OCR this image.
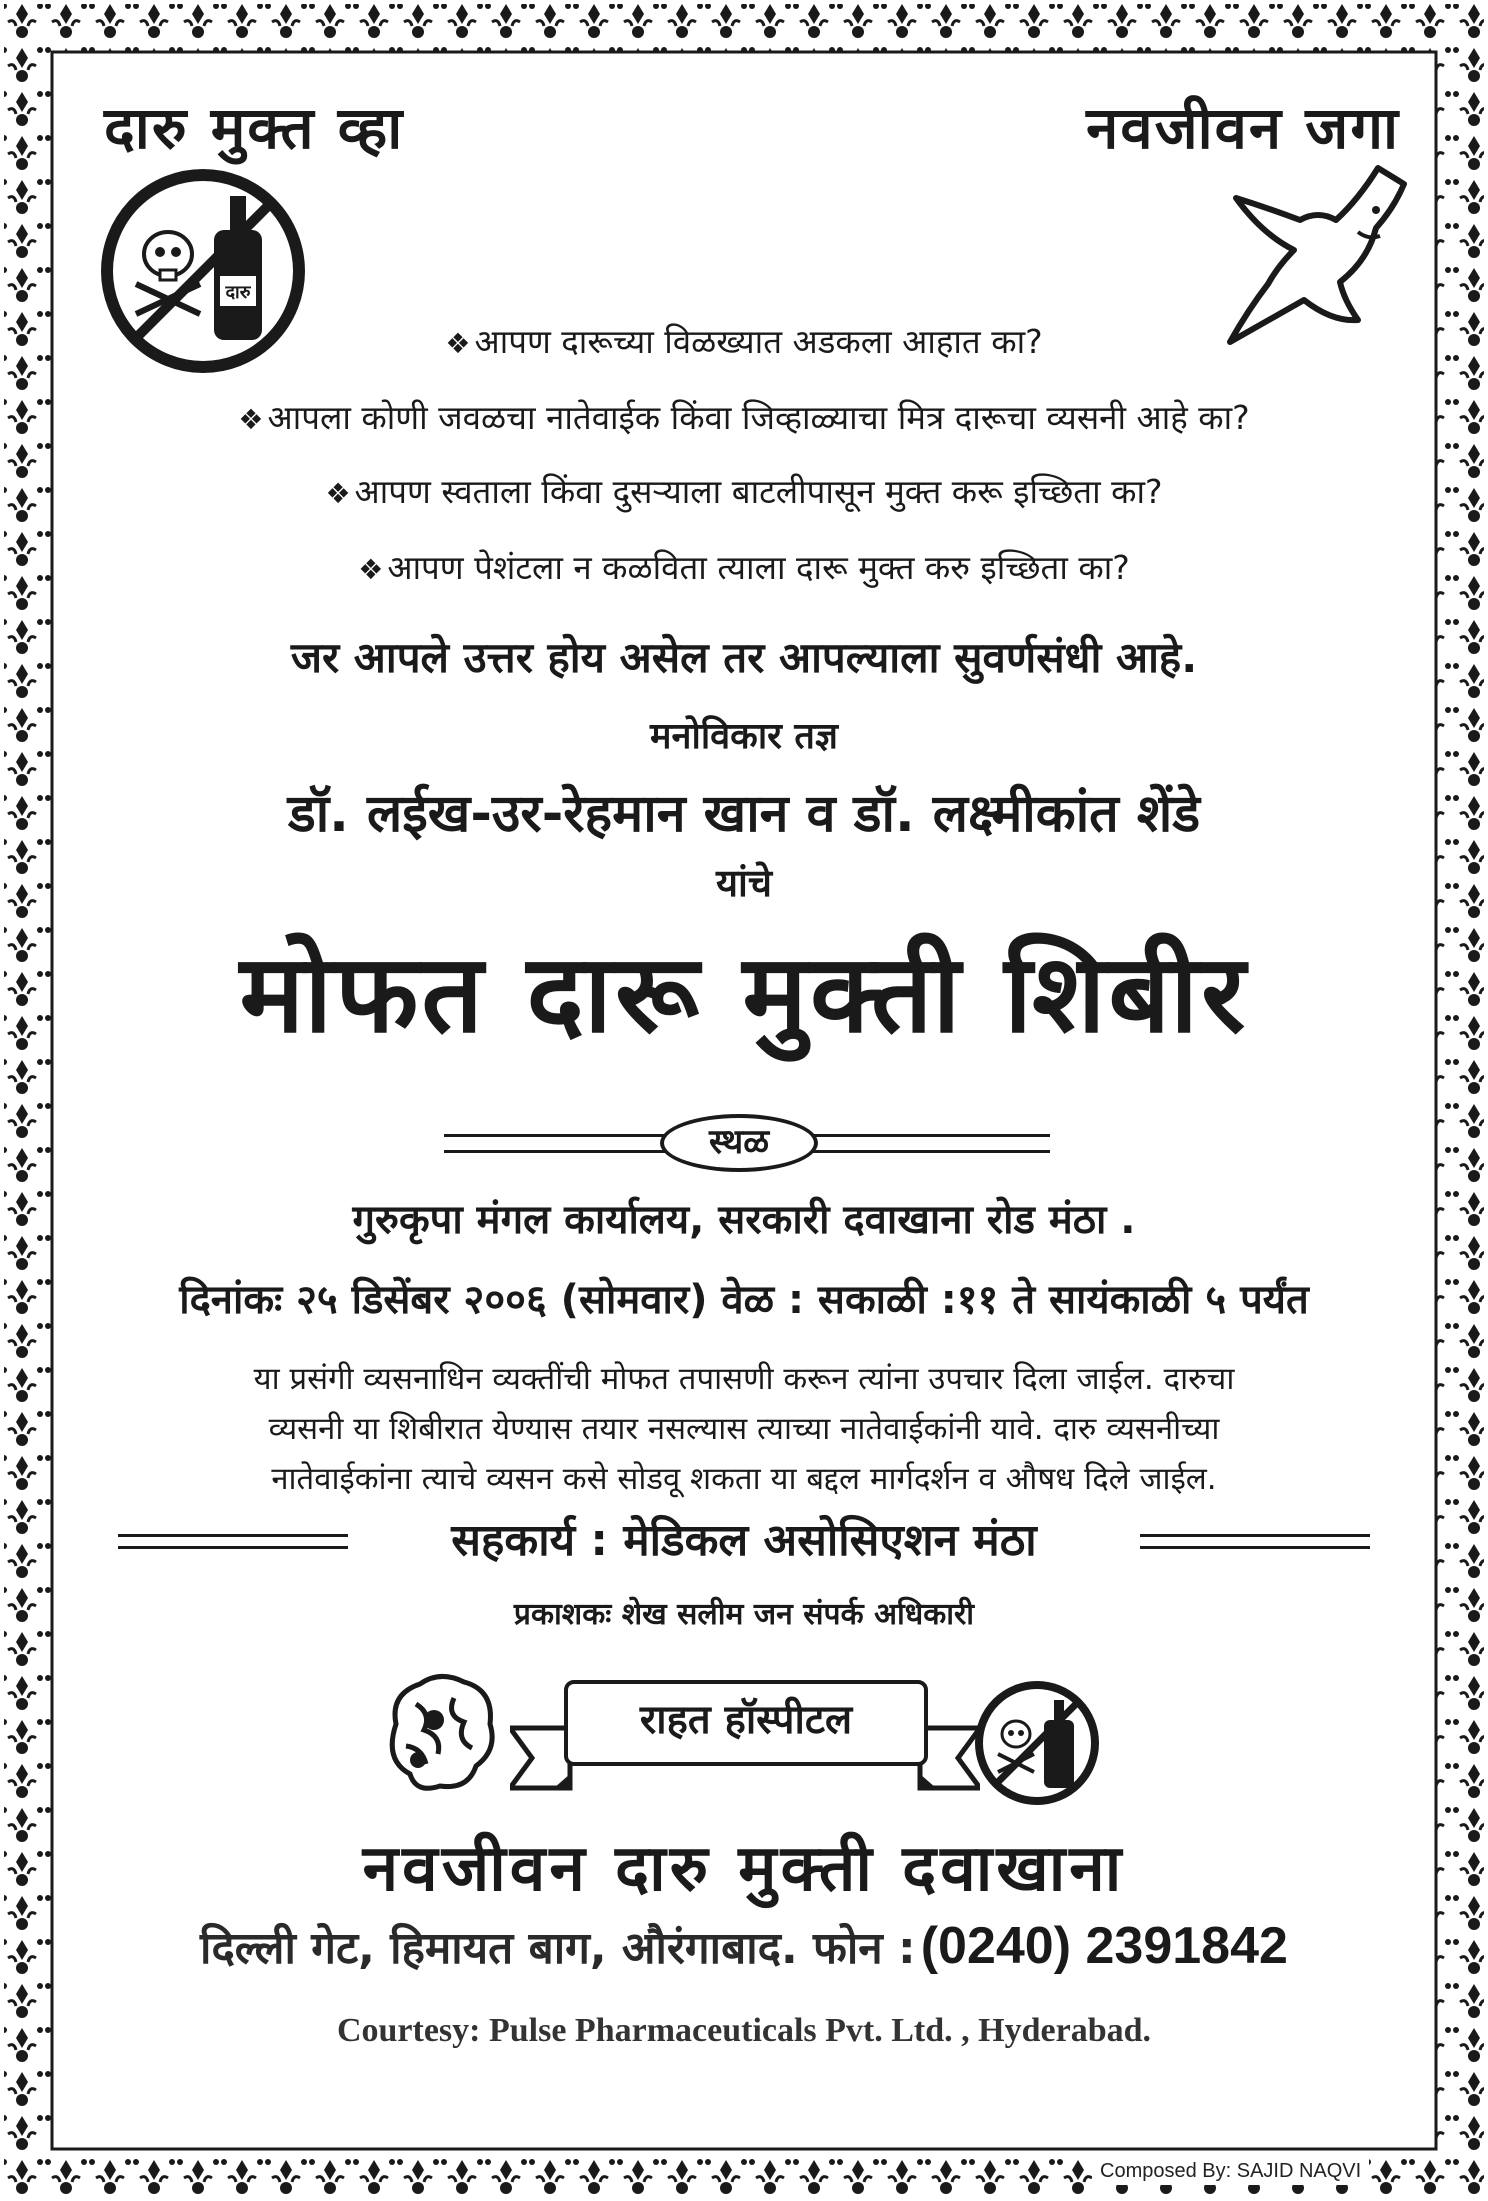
दारु मुक्त व्हा	नवजीवन जगा
दारु
❖ आपण दारूच्या विळख्यात अडकला आहात का?
❖ आपला कोणी जवळचा नातेवाईक किंवा जिव्हाळ्याचा मित्र दारूचा व्यसनी आहे का?
❖ आपण स्वताला किंवा दुसऱ्याला बाटलीपासून मुक्त करू इच्छिता का?
❖ आपण पेशंटला न कळविता त्याला दारू मुक्त करु इच्छिता का?
जर आपले उत्तर होय असेल तर आपल्याला सुवर्णसंधी आहे.
मनोविकार तज्ञ
डॉ. लईख-उर-रेहमान खान व डॉ. लक्ष्मीकांत शेंडे
यांचे
मोफत दारू मुक्ती शिबीर
स्थळ
गुरुकृपा मंगल कार्यालय, सरकारी दवाखाना रोड मंठा .
दिनांकः २५ डिसेंबर २००६ (सोमवार) वेळ : सकाळी :११ ते सायंकाळी ५ पर्यंत
या प्रसंगी व्यसनाधिन व्यक्तींची मोफत तपासणी करून त्यांना उपचार दिला जाईल. दारुचा
व्यसनी या शिबीरात येण्यास तयार नसल्यास त्याच्या नातेवाईकांनी यावे. दारु व्यसनीच्या
नातेवाईकांना त्याचे व्यसन कसे सोडवू शकता या बद्दल मार्गदर्शन व औषध दिले जाईल.
सहकार्य : मेडिकल असोसिएशन मंठा
प्रकाशकः शेख सलीम जन संपर्क अधिकारी
राहत हॉस्पीटल
नवजीवन दारु मुक्ती दवाखाना
दिल्ली गेट, हिमायत बाग, औरंगाबाद. फोन : (0240) 2391842
Courtesy: Pulse Pharmaceuticals Pvt. Ltd. , Hyderabad.
Composed By: SAJID NAQVI
